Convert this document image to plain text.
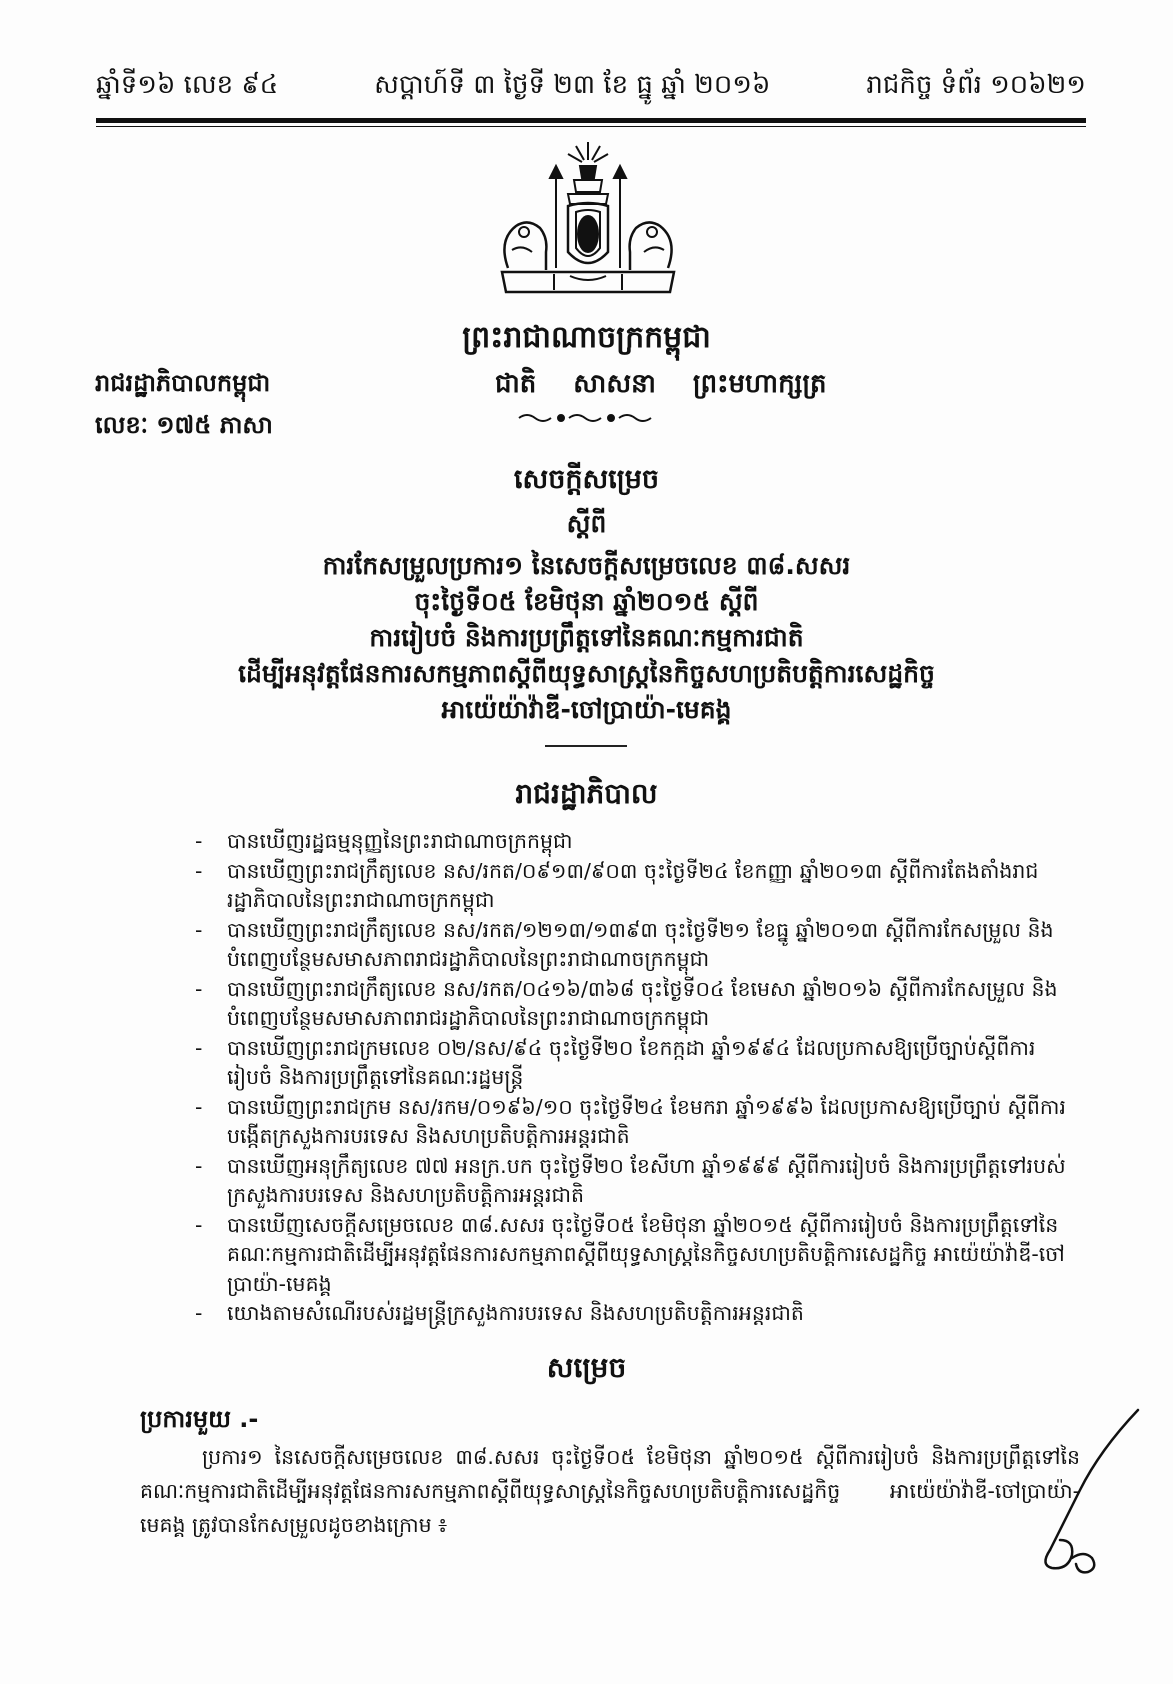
ឆ្នាំទី១៦ លេខ ៩៤	សប្តាហ៍ទី ៣ ថ្ងៃទី ២៣ ខែ ធ្នូ ឆ្នាំ ២០១៦	រាជកិច្ច ទំព័រ ១០៦២១
ព្រះរាជាណាចក្រកម្ពុជា
រាជរដ្ឋាភិបាលកម្ពុជា
លេខៈ ១៧៥ ភាសា
ជាតិ សាសនា ព្រះមហាក្សត្រ
សេចក្តីសម្រេច
ស្តីពី
ការកែសម្រួលប្រការ១ នៃសេចក្តីសម្រេចលេខ ៣៨.សសរ
ចុះថ្ងៃទី០៥ ខែមិថុនា ឆ្នាំ២០១៥ ស្តីពី
ការរៀបចំ និងការប្រព្រឹត្តទៅនៃគណៈកម្មការជាតិ
ដើម្បីអនុវត្តផែនការសកម្មភាពស្តីពីយុទ្ធសាស្ត្រនៃកិច្ចសហប្រតិបត្តិការសេដ្ឋកិច្ច
អាយ៉េយ៉ាវ៉ាឌី-ចៅប្រាយ៉ា-មេគង្គ
រាជរដ្ឋាភិបាល
- បានឃើញរដ្ឋធម្មនុញ្ញនៃព្រះរាជាណាចក្រកម្ពុជា
- បានឃើញព្រះរាជក្រឹត្យលេខ នស/រកត/០៩១៣/៩០៣ ចុះថ្ងៃទី២៤ ខែកញ្ញា ឆ្នាំ២០១៣ ស្តីពីការតែងតាំងរាជរដ្ឋាភិបាលនៃព្រះរាជាណាចក្រកម្ពុជា
- បានឃើញព្រះរាជក្រឹត្យលេខ នស/រកត/១២១៣/១៣៩៣ ចុះថ្ងៃទី២១ ខែធ្នូ ឆ្នាំ២០១៣ ស្តីពីការកែសម្រួល និងបំពេញបន្ថែមសមាសភាពរាជរដ្ឋាភិបាលនៃព្រះរាជាណាចក្រកម្ពុជា
- បានឃើញព្រះរាជក្រឹត្យលេខ នស/រកត/០៤១៦/៣៦៨ ចុះថ្ងៃទី០៤ ខែមេសា ឆ្នាំ២០១៦ ស្តីពីការកែសម្រួល និងបំពេញបន្ថែមសមាសភាពរាជរដ្ឋាភិបាលនៃព្រះរាជាណាចក្រកម្ពុជា
- បានឃើញព្រះរាជក្រមលេខ ០២/នស/៩៤ ចុះថ្ងៃទី២០ ខែកក្កដា ឆ្នាំ១៩៩៤ ដែលប្រកាសឱ្យប្រើច្បាប់ស្តីពីការរៀបចំ និងការប្រព្រឹត្តទៅនៃគណៈរដ្ឋមន្ត្រី
- បានឃើញព្រះរាជក្រម នស/រកម/០១៩៦/១០ ចុះថ្ងៃទី២៤ ខែមករា ឆ្នាំ១៩៩៦ ដែលប្រកាសឱ្យប្រើច្បាប់ ស្តីពីការបង្កើតក្រសួងការបរទេស និងសហប្រតិបត្តិការអន្តរជាតិ
- បានឃើញអនុក្រឹត្យលេខ ៧៧ អនក្រ.បក ចុះថ្ងៃទី២០ ខែសីហា ឆ្នាំ១៩៩៩ ស្តីពីការរៀបចំ និងការប្រព្រឹត្តទៅរបស់ក្រសួងការបរទេស និងសហប្រតិបត្តិការអន្តរជាតិ
- បានឃើញសេចក្តីសម្រេចលេខ ៣៨.សសរ ចុះថ្ងៃទី០៥ ខែមិថុនា ឆ្នាំ២០១៥ ស្តីពីការរៀបចំ និងការប្រព្រឹត្តទៅនៃគណៈកម្មការជាតិដើម្បីអនុវត្តផែនការសកម្មភាពស្តីពីយុទ្ធសាស្ត្រនៃកិច្ចសហប្រតិបត្តិការសេដ្ឋកិច្ច អាយ៉េយ៉ាវ៉ាឌី-ចៅប្រាយ៉ា-មេគង្គ
- យោងតាមសំណើរបស់រដ្ឋមន្ត្រីក្រសួងការបរទេស និងសហប្រតិបត្តិការអន្តរជាតិ
សម្រេច
ប្រការមួយ .-
ប្រការ១ នៃសេចក្តីសម្រេចលេខ ៣៨.សសរ ចុះថ្ងៃទី០៥ ខែមិថុនា ឆ្នាំ២០១៥ ស្តីពីការរៀបចំ និងការប្រព្រឹត្តទៅនៃគណៈកម្មការជាតិដើម្បីអនុវត្តផែនការសកម្មភាពស្តីពីយុទ្ធសាស្ត្រនៃកិច្ចសហប្រតិបត្តិការសេដ្ឋកិច្ច អាយ៉េយ៉ាវ៉ាឌី-ចៅប្រាយ៉ា-មេគង្គ ត្រូវបានកែសម្រួលដូចខាងក្រោម ៖
